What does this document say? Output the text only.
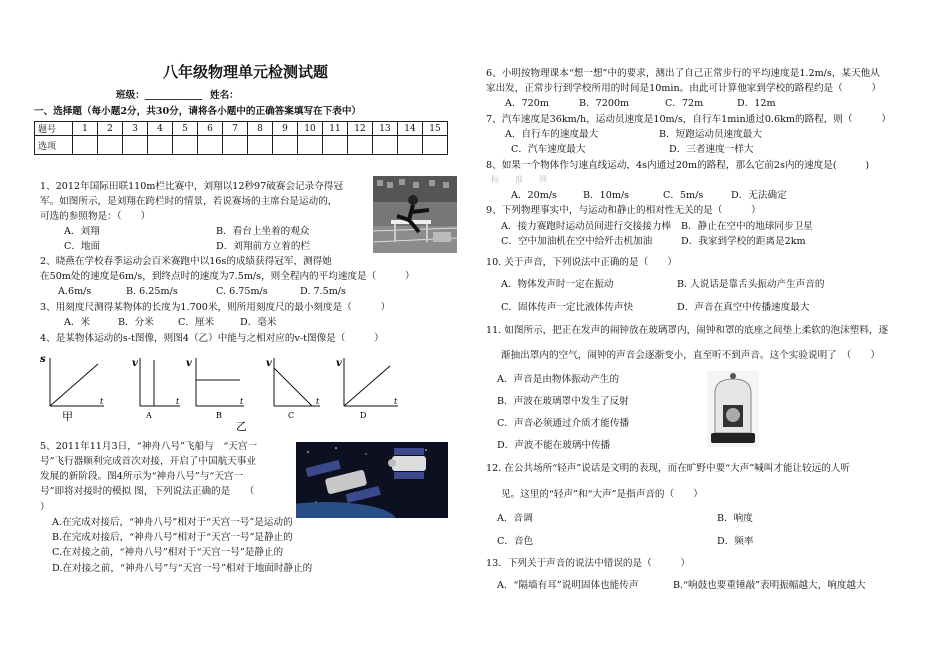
八年级物理单元检测试题
班级：____________ 姓名：
一、选择题（每小题2分，共30分，请将各小题中的正确答案填写在下表中）
题号	1	2	3	4	5	6	7	8	9	10	11	12	13	14	15
选项															
1、2012年国际田联110m栏比赛中，刘翔以12秒97破赛会记录夺得冠
军。如图所示，是刘翔在跨栏时的情景，若说赛场的主席台是运动的，
可选的参照物是：（　　）
A．刘翔	B．看台上坐着的观众
C．地面	D．刘翔前方立着的栏
2、晓燕在学校春季运动会百米赛跑中以16s的成绩获得冠军，测得她
在50m处的速度是6m/s，到终点时的速度为7.5m/s，则全程内的平均速度是（　　　）
A.6m/s	B. 6.25m/s	C. 6.75m/s	D. 7.5m/s
3、用刻度尺测得某物体的长度为1.700米，则所用刻度尺的最小刻度是（　　　）
A．米	B．分米	C．厘米	D．毫米
4、是某物体运动的s-t图像，则图4（乙）中能与之相对应的v-t图像是（　　　）
s
t
v
t
v
t
v
t
v
t
甲	A	B
乙
C	D
5、2011年11月3日，“神舟八号”飞船与　“天宫一
号”飞行器顺利完成首次对接，开启了中国航天事业
发展的新阶段。图4所示为“神舟八号”与“天宫一
号”即将对接时的模拟 图，下列说法正确的是　　（
）
A.在完成对接后，“神舟八号”相对于“天宫一号”是运动的
B.在完成对接后，“神舟八号”相对于“天宫一号”是静止的
C.在对接之前，“神舟八号”相对于“天宫一号”是静止的
D.在对接之前，“神舟八号”与“天宫一号”相对于地面时静止的
6、小明按物理课本“想一想”中的要求，测出了自己正常步行的平均速度是1.2m/s，某天他从
家出发，正常步行到学校所用的时间是10min。由此可计算他家到学校的路程约是（　　　）
A．720m	B．7200m	C．72m	D．12m
7、汽车速度是36km/h，运动员速度是10m/s，自行车1min通过0.6km的路程，则（　　　）
A．自行车的速度最大	B．短跑运动员速度最大
C．汽车速度最大	D．三者速度一样大
8、如果一个物体作匀速直线运动，4s内通过20m的路程，那么它前2s内的速度是(　　　)
标　　准　　网
A．20m/s	B．10m/s	C．5m/s	D．无法确定
9、下列物理事实中，与运动和静止的相对性无关的是（　　　）
A．接力赛跑时运动员间进行交接接力棒 B．静止在空中的地球同步卫星
C．空中加油机在空中给歼击机加油	D．我家到学校的距离是2km
10. 关于声音，下列说法中正确的是（　　）
A．物体发声时一定在振动	B. 人说话是靠舌头振动产生声音的
C．固体传声一定比液体传声快	D．声音在真空中传播速度最大
11. 如图所示，把正在发声的闹钟放在玻璃罩内，闹钟和罩的底座之间垫上柔软的泡沫塑料，逐
渐抽出罩内的空气，闹钟的声音会逐渐变小，直至听不到声音。这个实验说明了　（　　）
A．声音是由物体振动产生的
B．声波在玻璃罩中发生了反射
C．声音必须通过介质才能传播
D．声波不能在玻璃中传播
12. 在公共场所“轻声”说话是文明的表现，而在旷野中要“大声”喊叫才能让较远的人听
见。这里的“轻声”和“大声”是指声音的（　　）
A．音调	B．响度
C．音色	D．频率
13．下列关于声音的说法中错误的是（　　　）
A．“隔墙有耳”说明固体也能传声	B.“响鼓也要重锤敲”表明振幅越大，响度越大
